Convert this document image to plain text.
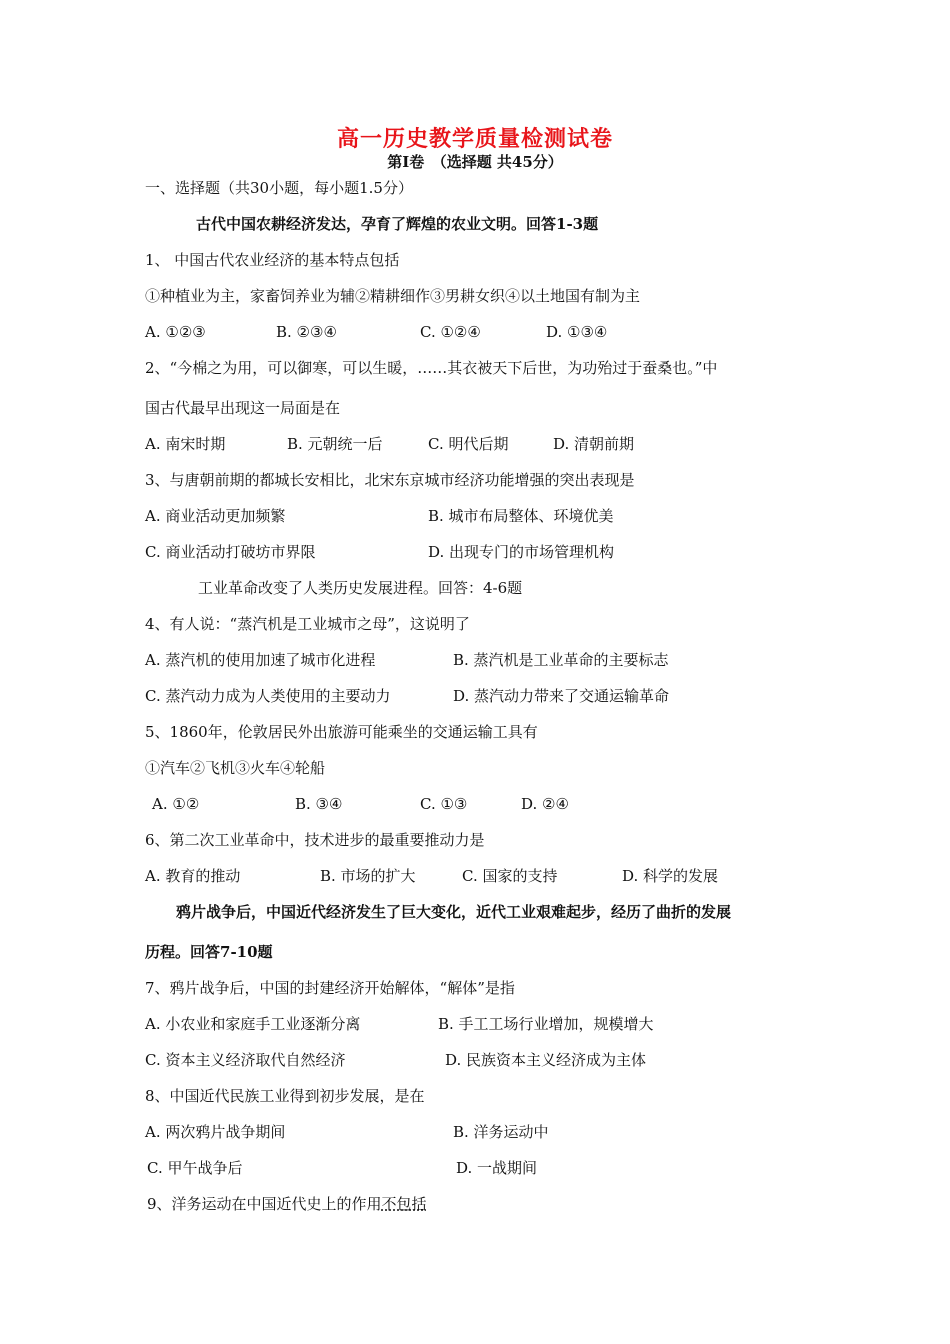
高一历史教学质量检测试卷
第Ⅰ卷　（选择题 共45分）
一、选择题（共30小题，每小题1.5分）
古代中国农耕经济发达，孕育了辉煌的农业文明。回答1-3题
1、 中国古代农业经济的基本特点包括
①种植业为主，家畜饲养业为辅②精耕细作③男耕女织④以土地国有制为主
A. ①②③	B. ②③④	C. ①②④	D. ①③④
2、“今棉之为用，可以御寒，可以生暖，……其衣被天下后世，为功殆过于蚕桑也。”中
国古代最早出现这一局面是在
A. 南宋时期	B. 元朝统一后	C. 明代后期	D. 清朝前期
3、与唐朝前期的都城长安相比，北宋东京城市经济功能增强的突出表现是
A. 商业活动更加频繁	B. 城市布局整体、环境优美
C. 商业活动打破坊市界限	D. 出现专门的市场管理机构
工业革命改变了人类历史发展进程。回答：4-6题
4、有人说：“蒸汽机是工业城市之母”，这说明了
A. 蒸汽机的使用加速了城市化进程	B. 蒸汽机是工业革命的主要标志
C. 蒸汽动力成为人类使用的主要动力	D. 蒸汽动力带来了交通运输革命
5、1860年，伦敦居民外出旅游可能乘坐的交通运输工具有
①汽车②飞机③火车④轮船
A. ①②	B. ③④	C. ①③	D. ②④
6、第二次工业革命中，技术进步的最重要推动力是
A. 教育的推动	B. 市场的扩大	C. 国家的支持	D. 科学的发展
鸦片战争后，中国近代经济发生了巨大变化，近代工业艰难起步，经历了曲折的发展
历程。回答7-10题
7、鸦片战争后，中国的封建经济开始解体，“解体”是指
A. 小农业和家庭手工业逐渐分离	B. 手工工场行业增加，规模增大
C. 资本主义经济取代自然经济	D. 民族资本主义经济成为主体
8、中国近代民族工业得到初步发展，是在
A. 两次鸦片战争期间	B. 洋务运动中
C. 甲午战争后	D. 一战期间
9、洋务运动在中国近代史上的作用不包括
